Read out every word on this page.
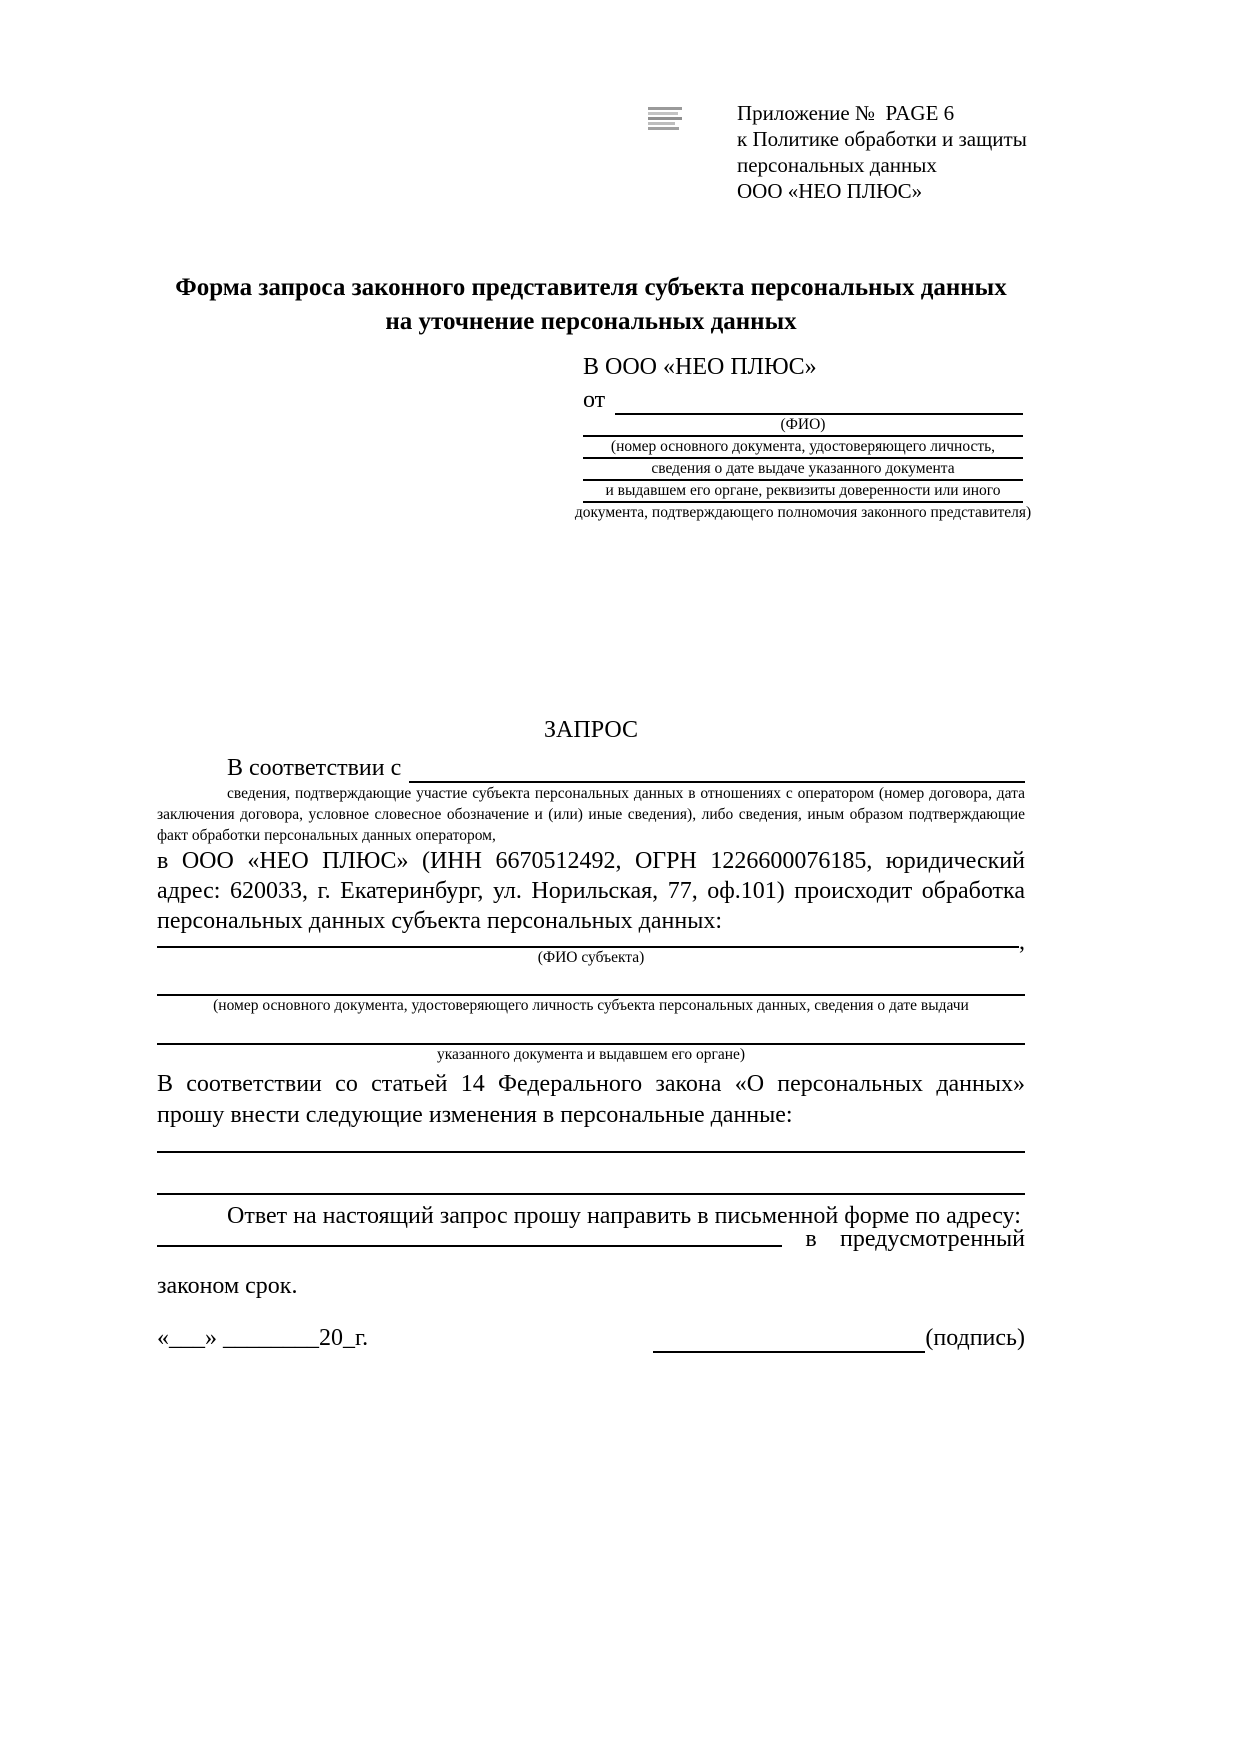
Приложение №  PAGE 6
к Политике обработки и защиты
персональных данных
ООО «НЕО ПЛЮС»
Форма запроса законного представителя субъекта персональных данных
на уточнение персональных данных
В ООО «НЕО ПЛЮС»
от
(ФИО)
(номер основного документа, удостоверяющего личность,
сведения о дате выдаче указанного документа
и выдавшем его органе, реквизиты доверенности или иного
документа, подтверждающего полномочия законного представителя)
ЗАПРОС
В соответствии с
сведения, подтверждающие участие субъекта персональных данных в отношениях с оператором (номер договора, дата заключения договора, условное словесное обозначение и (или) иные сведения), либо сведения, иным образом подтверждающие факт обработки персональных данных оператором,
в ООО «НЕО ПЛЮС» (ИНН 6670512492, ОГРН 1226600076185, юридический адрес: 620033, г. Екатеринбург, ул. Норильская, 77, оф.101) происходит обработка персональных данных субъекта персональных данных:
,
(ФИО субъекта)
(номер основного документа, удостоверяющего личность субъекта персональных данных, сведения о дате выдачи
указанного документа и выдавшем его органе)
В соответствии со статьей 14 Федерального закона «О персональных данных» прошу внести следующие изменения в персональные данные:
Ответ на настоящий запрос прошу направить в письменной форме по адресу:
в предусмотренный
законом срок.
«___» ________20_г.	(подпись)
